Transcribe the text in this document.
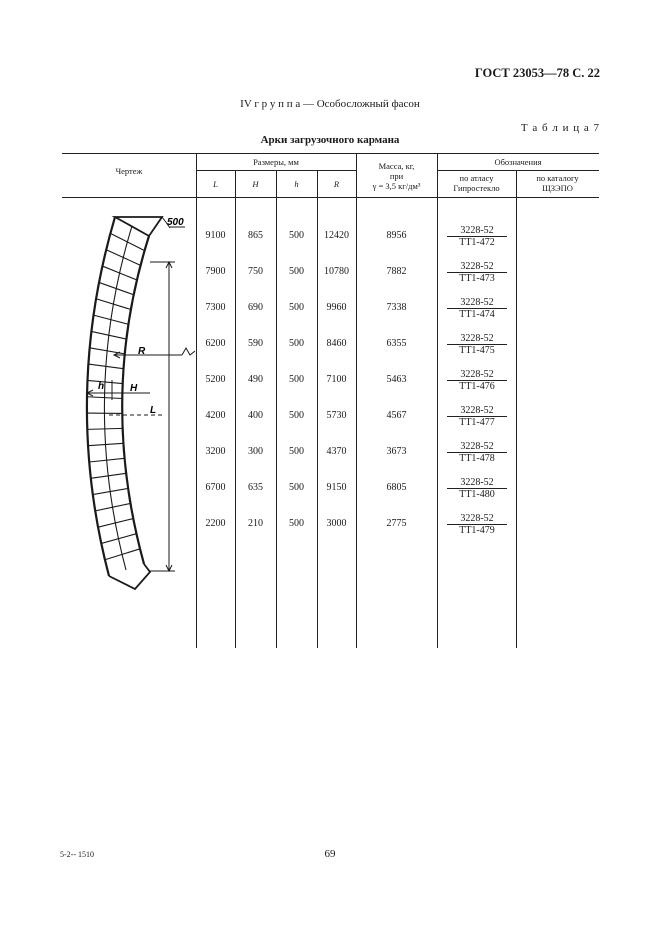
ГОСТ 23053—78 С. 22
IV г р у п п а — Особосложный фасон
Т а б л и ц а 7
Арки загрузочного кармана
Чертеж
Размеры, мм
L	H	h	R
Масса, кг,
при
γ = 3,5 кг/дм³
Обозначения
по атласу
Гипростекло
по каталогу
ЩЗЭПО
500
R
h	H
L
9100	865	500	12420	8956	3228-52
ТТ1-472
7900	750	500	10780	7882	3228-52
ТТ1-473
7300	690	500	9960	7338	3228-52
ТТ1-474
6200	590	500	8460	6355	3228-52
ТТ1-475
5200	490	500	7100	5463	3228-52
ТТ1-476
4200	400	500	5730	4567	3228-52
ТТ1-477
3200	300	500	4370	3673	3228-52
ТТ1-478
6700	635	500	9150	6805	3228-52
ТТ1-480
2200	210	500	3000	2775	3228-52
ТТ1-479
5-2-- 1510	69
